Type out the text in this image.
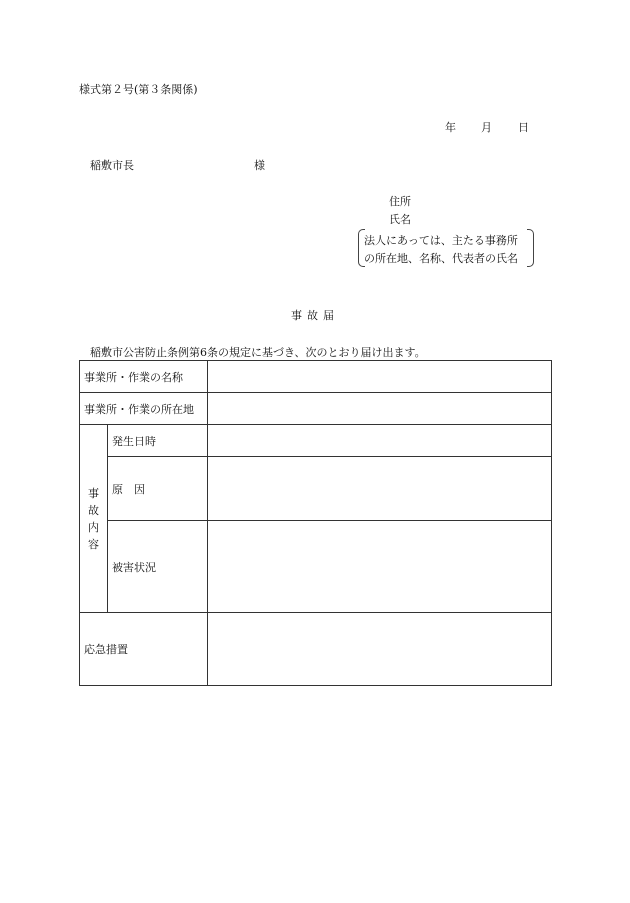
様式第２号(第３条関係)
年 月 日
稲敷市長	様
住所
氏名
法人にあっては、主たる事務所
の所在地、名称、代表者の氏名
事故届
稲敷市公害防止条例第6条の規定に基づき、次のとおり届け出ます。
事業所・作業の名称		
事業所・作業の所在地		

事
故
内
容	発生日時	
	原　因	
	被害状況	
応急措置		
